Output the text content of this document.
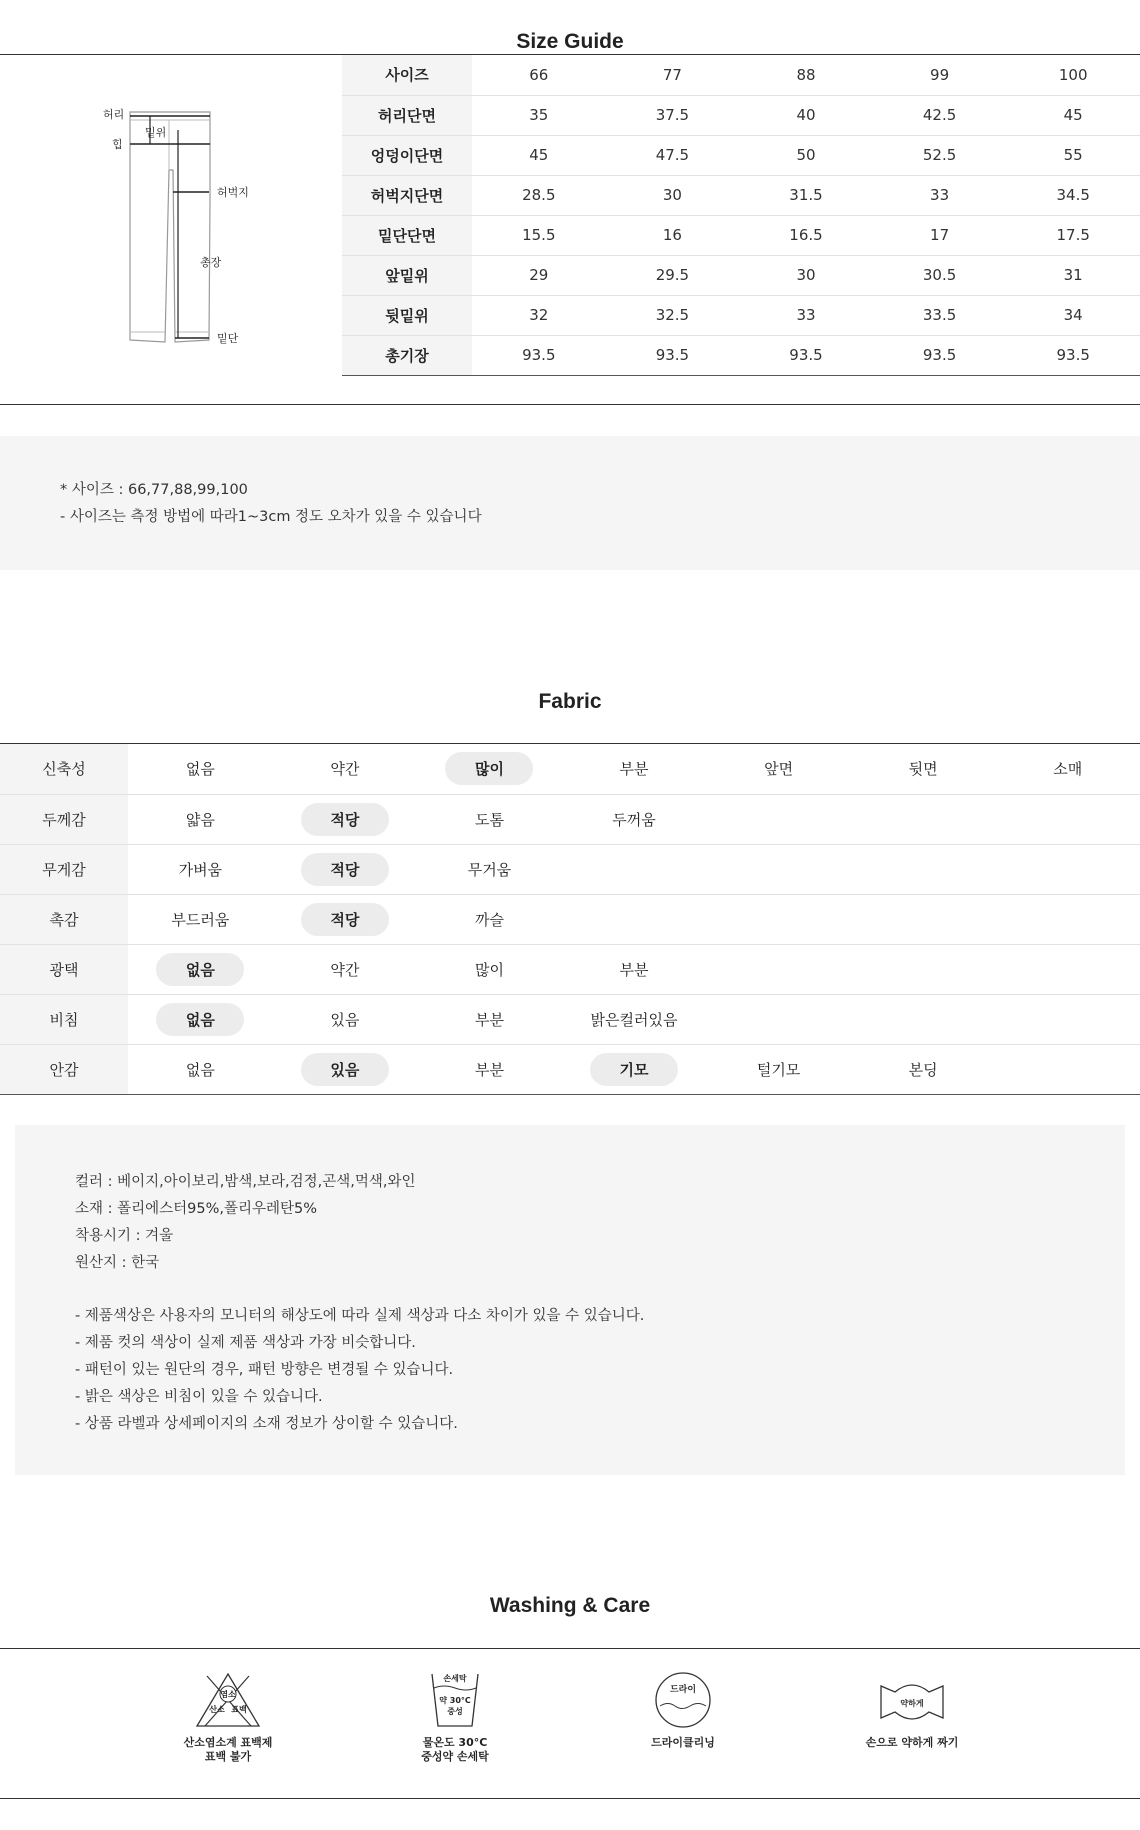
Size Guide
허리
힙
밑위
허벅지
총장
밑단
사이즈	66	77	88	99	100
허리단면	35	37.5	40	42.5	45
엉덩이단면	45	47.5	50	52.5	55
허벅지단면	28.5	30	31.5	33	34.5
밑단단면	15.5	16	16.5	17	17.5
앞밑위	29	29.5	30	30.5	31
뒷밑위	32	32.5	33	33.5	34
총기장	93.5	93.5	93.5	93.5	93.5
* 사이즈 : 66,77,88,99,100
- 사이즈는 측정 방법에 따라1~3cm 정도 오차가 있을 수 있습니다
Fabric
신축성	없음	약간	많이	부분	앞면	뒷면	소매
두께감	얇음	적당	도톰	두꺼움			
무게감	가벼움	적당	무거움				
촉감	부드러움	적당	까슬				
광택	없음	약간	많이	부분			
비침	없음	있음	부분	밝은컬러있음			
안감	없음	있음	부분	기모	털기모	본딩	
컬러 : 베이지,아이보리,밤색,보라,검정,곤색,먹색,와인
소재 : 폴리에스터95%,폴리우레탄5%
착용시기 : 겨울
원산지 : 한국
- 제품색상은 사용자의 모니터의 해상도에 따라 실제 색상과 다소 차이가 있을 수 있습니다.
- 제품 컷의 색상이 실제 제품 색상과 가장 비슷합니다.
- 패턴이 있는 원단의 경우, 패턴 방향은 변경될 수 있습니다.
- 밝은 색상은 비침이 있을 수 있습니다.
- 상품 라벨과 상세페이지의 소재 정보가 상이할 수 있습니다.
Washing & Care
염소
산소 표백
산소염소계 표백제
표백 불가
손세탁
약 30°C
중성
물온도 30°C
중성약 손세탁
드라이
드라이클리닝
약하게
손으로 약하게 짜기
